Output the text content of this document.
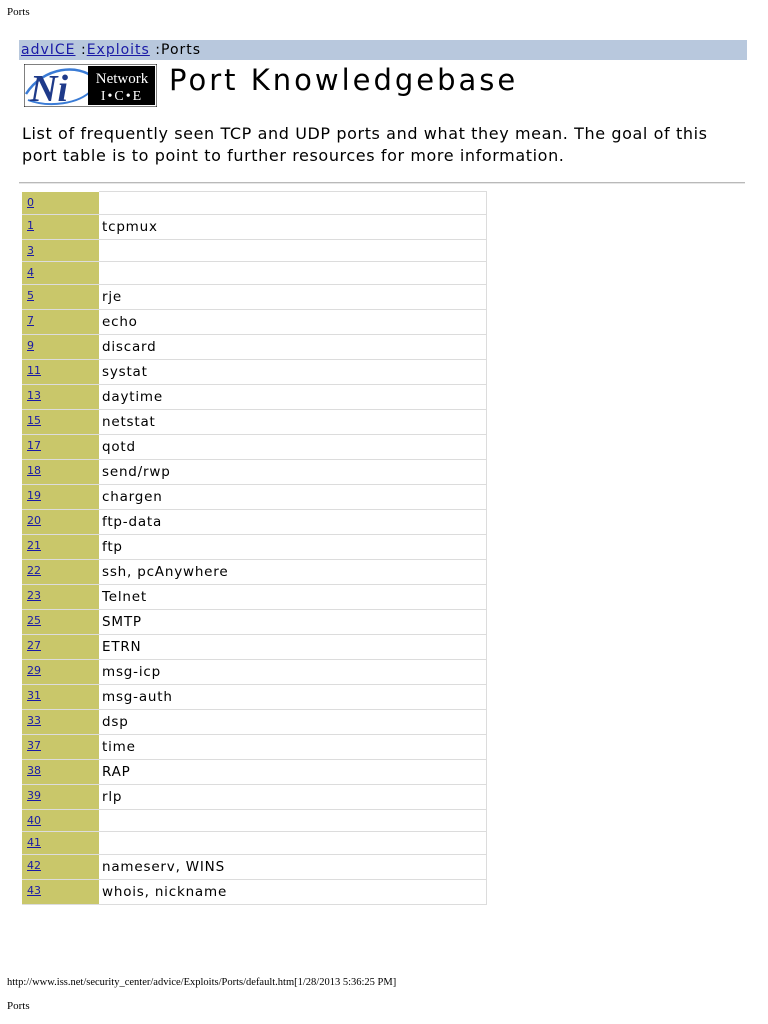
Ports
advICE :Exploits :Ports
Ni Network
I•C•E Port Knowledgebase

List of frequently seen TCP and UDP ports and what they mean. The goal of this port table is to point to further resources for more information.

0	
1	tcpmux
3	
4	
5	rje
7	echo
9	discard
11	systat
13	daytime
15	netstat
17	qotd
18	send/rwp
19	chargen
20	ftp-data
21	ftp
22	ssh, pcAnywhere
23	Telnet
25	SMTP
27	ETRN
29	msg-icp
31	msg-auth
33	dsp
37	time
38	RAP
39	rlp
40	
41	
42	nameserv, WINS
43	whois, nickname
http://www.iss.net/security_center/advice/Exploits/Ports/default.htm[1/28/2013 5:36:25 PM]
Ports
